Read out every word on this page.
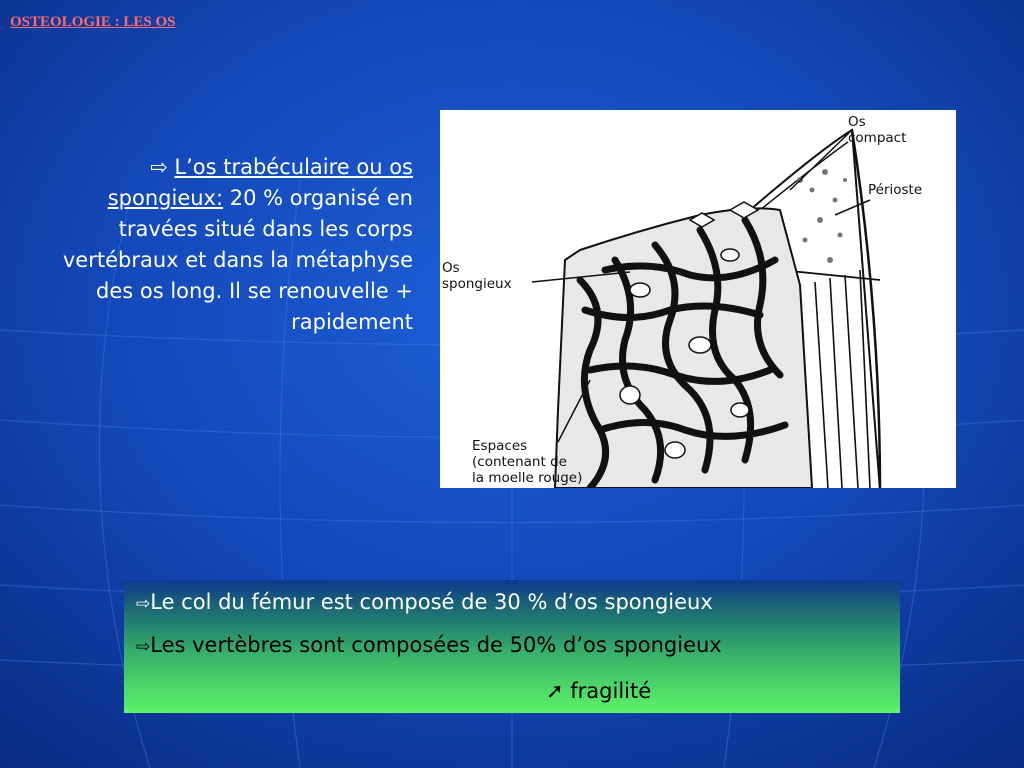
OSTEOLOGIE : LES OS
⇨ L’os trabéculaire ou os spongieux: 20 % organisé en travées situé dans les corps vertébraux et dans la métaphyse des os long. Il se renouvelle + rapidement
Os
compact
Périoste
Os
spongieux
Espaces
(contenant de
la moelle rouge)
⇨Le col du fémur est composé de 30 % d’os spongieux
⇨Les vertèbres sont composées de 50% d’os spongieux
➚ fragilité
